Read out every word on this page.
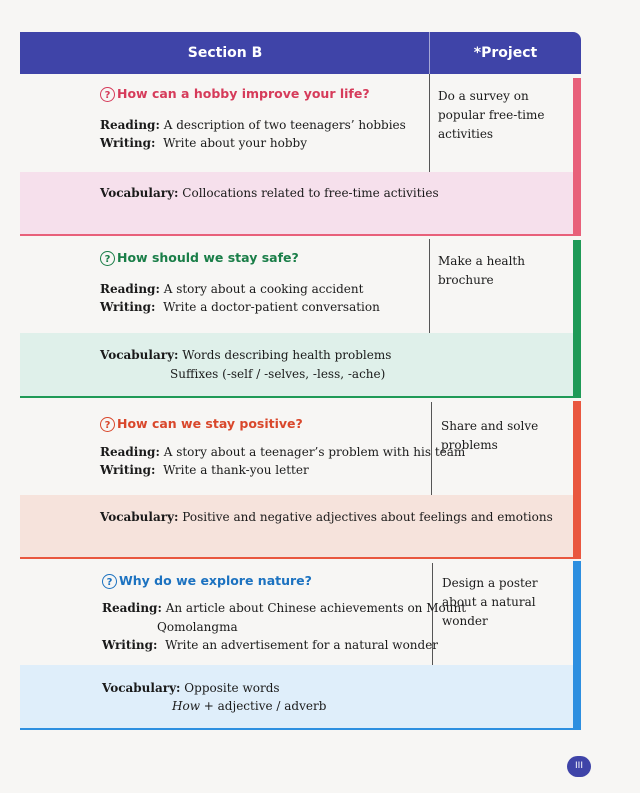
Section B	*Project
? How can a hobby improve your life?
Reading: A description of two teenagers’ hobbies
Writing: Write about your hobby
Do a survey on popular free-time activities
Vocabulary: Collocations related to free-time activities
? How should we stay safe?
Reading: A story about a cooking accident
Writing: Write a doctor-patient conversation
Make a health brochure
Vocabulary: Words describing health problems
Suffixes (-self / -selves, -less, -ache)
? How can we stay positive?
Reading: A story about a teenager’s problem with his team
Writing: Write a thank-you letter
Share and solve problems
Vocabulary: Positive and negative adjectives about feelings and emotions
? Why do we explore nature?
Reading: An article about Chinese achievements on Mount
Qomolangma
Writing: Write an advertisement for a natural wonder
Design a poster about a natural wonder
Vocabulary: Opposite words
How + adjective / adverb
III
